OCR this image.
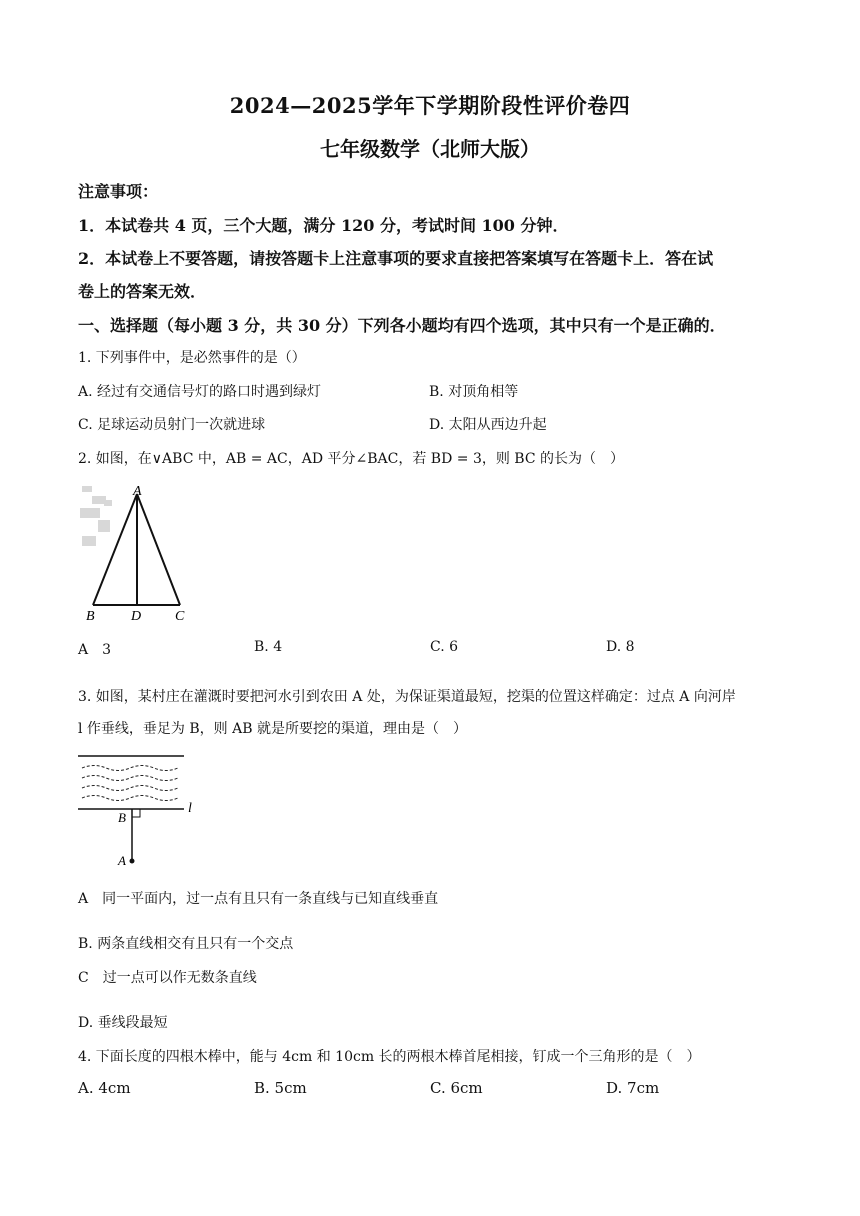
2024—2025学年下学期阶段性评价卷四
七年级数学（北师大版）
注意事项：
1．本试卷共 4 页，三个大题，满分 120 分，考试时间 100 分钟．
2．本试卷上不要答题，请按答题卡上注意事项的要求直接把答案填写在答题卡上．答在试
卷上的答案无效．
一、选择题（每小题 3 分，共 30 分）下列各小题均有四个选项，其中只有一个是正确的．
1. 下列事件中，是必然事件的是（）
A. 经过有交通信号灯的路口时遇到绿灯	B. 对顶角相等
C. 足球运动员射门一次就进球	D. 太阳从西边升起
2. 如图，在∨ABC 中，AB = AC，AD 平分∠BAC，若 BD = 3，则 BC 的长为（　）
A
B	D C
A　3	B. 4	C. 6	D. 8
3. 如图，某村庄在灌溉时要把河水引到农田 A 处，为保证渠道最短，挖渠的位置这样确定：过点 A 向河岸
l 作垂线，垂足为 B，则 AB 就是所要挖的渠道，理由是（　）
l
B
A
A　同一平面内，过一点有且只有一条直线与已知直线垂直
B. 两条直线相交有且只有一个交点
C　过一点可以作无数条直线
D. 垂线段最短
4. 下面长度的四根木棒中，能与 4cm 和 10cm 长的两根木棒首尾相接，钉成一个三角形的是（　）
A. 4cm	B. 5cm	C. 6cm	D. 7cm
